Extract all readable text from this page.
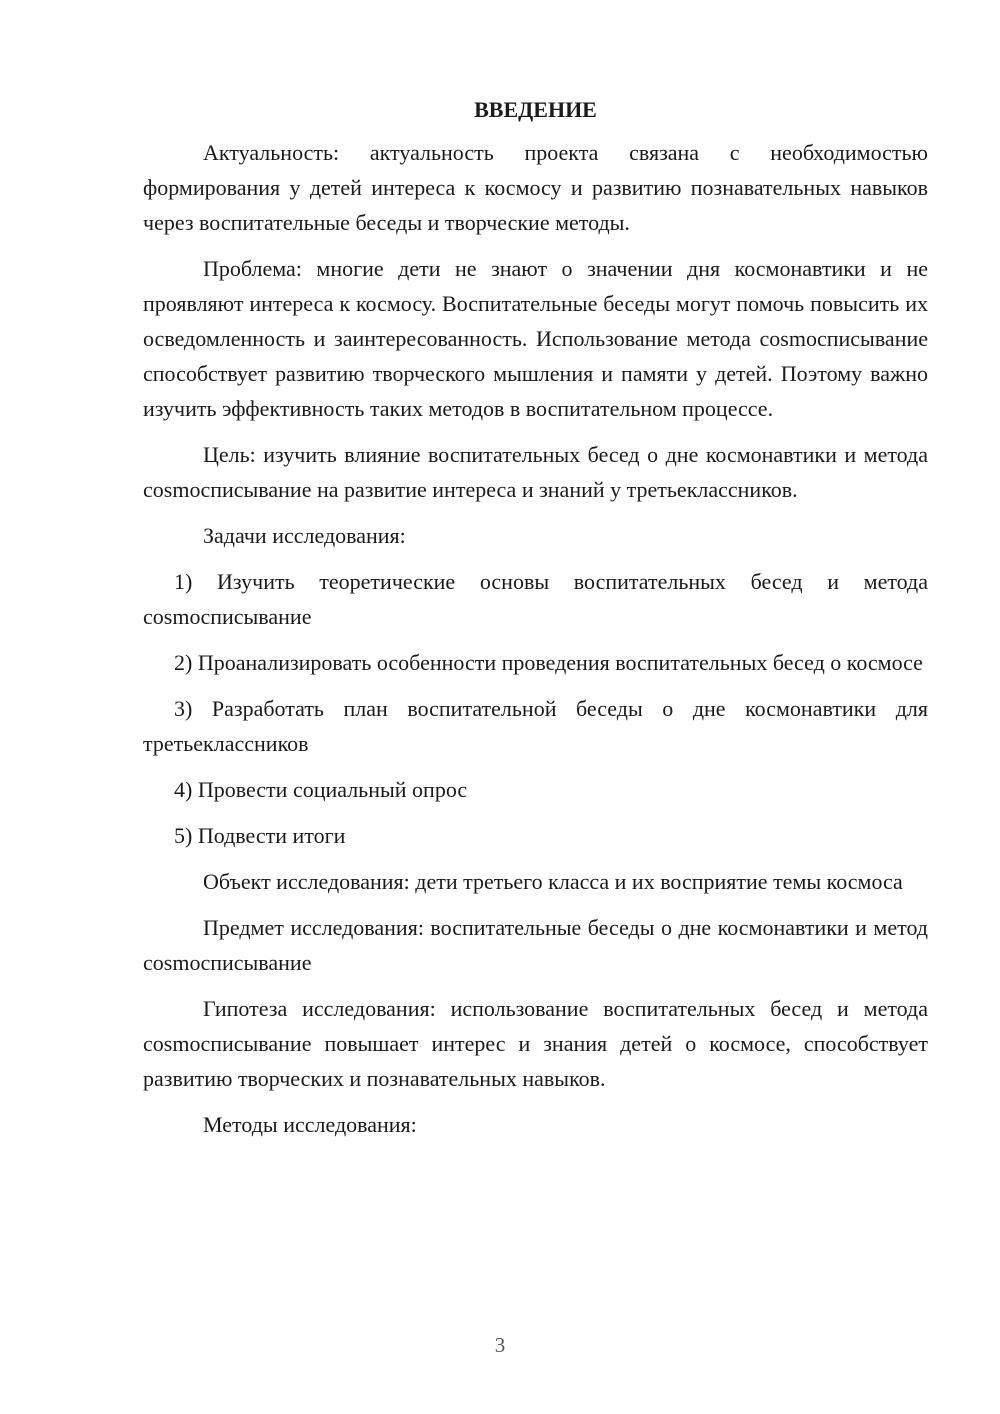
ВВЕДЕНИЕ

Актуальность: актуальность проекта связана с необходимостью формирования у детей интереса к космосу и развитию познавательных навыков через воспитательные беседы и творческие методы.

Проблема: многие дети не знают о значении дня космонавтики и не проявляют интереса к космосу. Воспитательные беседы могут помочь повысить их осведомленность и заинтересованность. Использование метода cosmoсписывание способствует развитию творческого мышления и памяти у детей. Поэтому важно изучить эффективность таких методов в воспитательном процессе.

Цель: изучить влияние воспитательных бесед о дне космонавтики и метода cosmoсписывание на развитие интереса и знаний у третьеклассников.

Задачи исследования:

1) Изучить теоретические основы воспитательных бесед и метода cosmoсписывание

2) Проанализировать особенности проведения воспитательных бесед о космосе

3) Разработать план воспитательной беседы о дне космонавтики для третьеклассников

4) Провести социальный опрос

5) Подвести итоги

Объект исследования: дети третьего класса и их восприятие темы космоса

Предмет исследования: воспитательные беседы о дне космонавтики и метод cosmoсписывание

Гипотеза исследования: использование воспитательных бесед и метода cosmoсписывание повышает интерес и знания детей о космосе, способствует развитию творческих и познавательных навыков.

Методы исследования:

3
